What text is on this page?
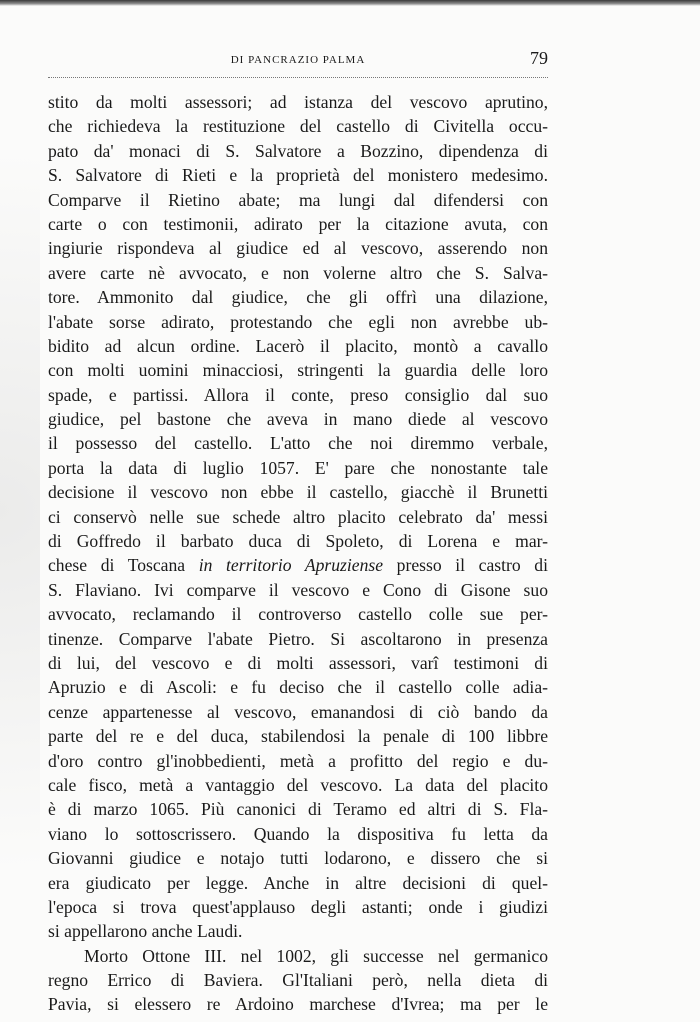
DI PANCRAZIO PALMA	79
stito da molti assessori; ad istanza del vescovo aprutino,
che richiedeva la restituzione del castello di Civitella occu-
pato da' monaci di S. Salvatore a Bozzino, dipendenza di
S. Salvatore di Rieti e la proprietà del monistero medesimo.
Comparve il Rietino abate; ma lungi dal difendersi con
carte o con testimonii, adirato per la citazione avuta, con
ingiurie rispondeva al giudice ed al vescovo, asserendo non
avere carte nè avvocato, e non volerne altro che S. Salva-
tore. Ammonito dal giudice, che gli offrì una dilazione,
l'abate sorse adirato, protestando che egli non avrebbe ub-
bidito ad alcun ordine. Lacerò il placito, montò a cavallo
con molti uomini minacciosi, stringenti la guardia delle loro
spade, e partissi. Allora il conte, preso consiglio dal suo
giudice, pel bastone che aveva in mano diede al vescovo
il possesso del castello. L'atto che noi diremmo verbale,
porta la data di luglio 1057. E' pare che nonostante tale
decisione il vescovo non ebbe il castello, giacchè il Brunetti
ci conservò nelle sue schede altro placito celebrato da' messi
di Goffredo il barbato duca di Spoleto, di Lorena e mar-
chese di Toscana in territorio Apruziense presso il castro di
S. Flaviano. Ivi comparve il vescovo e Cono di Gisone suo
avvocato, reclamando il controverso castello colle sue per-
tinenze. Comparve l'abate Pietro. Si ascoltarono in presenza
di lui, del vescovo e di molti assessori, varî testimoni di
Apruzio e di Ascoli: e fu deciso che il castello colle adia-
cenze appartenesse al vescovo, emanandosi di ciò bando da
parte del re e del duca, stabilendosi la penale di 100 libbre
d'oro contro gl'inobbedienti, metà a profitto del regio e du-
cale fisco, metà a vantaggio del vescovo. La data del placito
è di marzo 1065. Più canonici di Teramo ed altri di S. Fla-
viano lo sottoscrissero. Quando la dispositiva fu letta da
Giovanni giudice e notajo tutti lodarono, e dissero che si
era giudicato per legge. Anche in altre decisioni di quel-
l'epoca si trova quest'applauso degli astanti; onde i giudizi
si appellarono anche Laudi.
Morto Ottone III. nel 1002, gli successe nel germanico
regno Errico di Baviera. Gl'Italiani però, nella dieta di
Pavia, si elessero re Ardoino marchese d'Ivrea; ma per le
